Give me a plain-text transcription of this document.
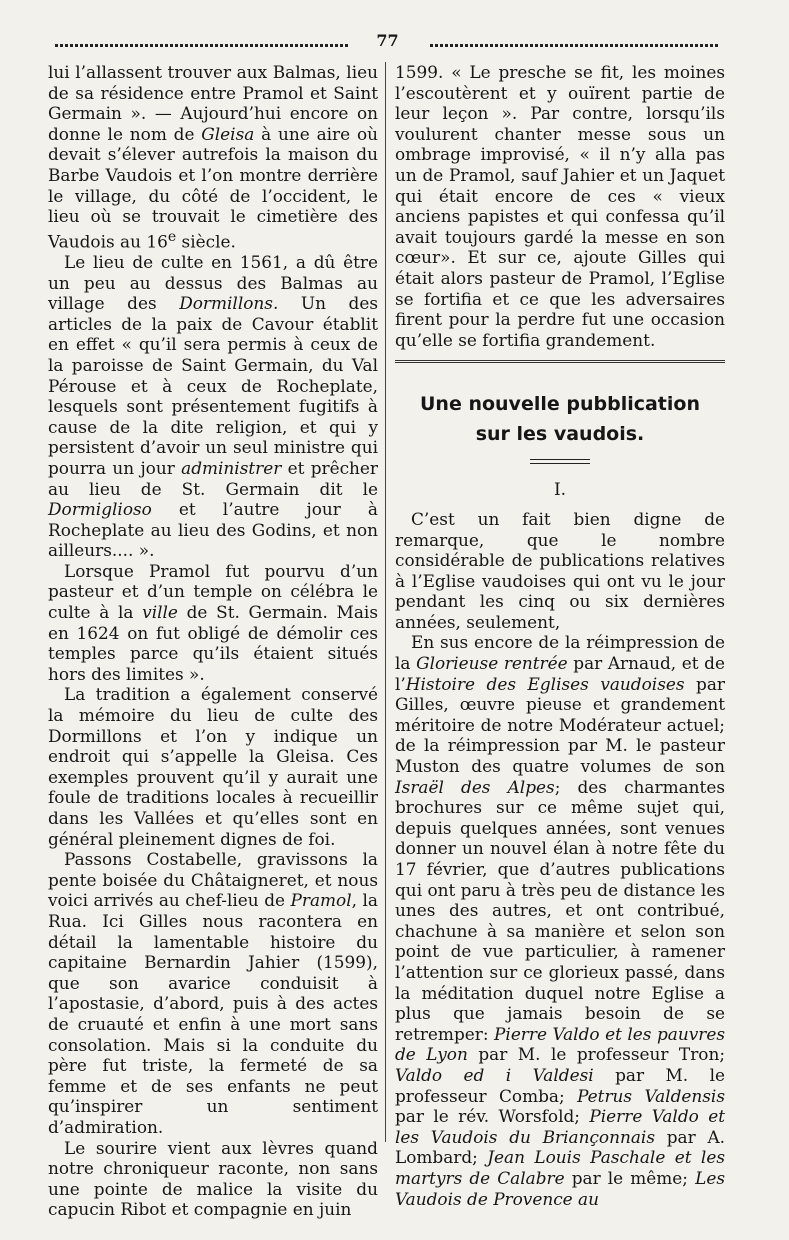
77

lui l’allassent trouver aux Balmas, lieu de sa résidence entre Pramol et Saint Germain ». — Aujourd’hui encore on donne le nom de Gleisa à une aire où devait s’élever autrefois la maison du Barbe Vaudois et l’on montre derrière le village, du côté de l’occident, le lieu où se trouvait le cimetière des Vaudois au 16e siècle.

Le lieu de culte en 1561, a dû être un peu au dessus des Balmas au village des Dormillons. Un des articles de la paix de Cavour établit en effet « qu’il sera permis à ceux de la paroisse de Saint Germain, du Val Pérouse et à ceux de Rocheplate, lesquels sont présentement fugitifs à cause de la dite religion, et qui y persistent d’avoir un seul ministre qui pourra un jour administrer et prêcher au lieu de St. Germain dit le Dormiglioso et l’autre jour à Rocheplate au lieu des Godins, et non ailleurs.... ».

Lorsque Pramol fut pourvu d’un pasteur et d’un temple on célébra le culte à la ville de St. Germain. Mais en 1624 on fut obligé de démolir ces temples parce qu’ils étaient situés hors des limites ».

La tradition a également conservé la mémoire du lieu de culte des Dormillons et l’on y indique un endroit qui s’appelle la Gleisa. Ces exemples prouvent qu’il y aurait une foule de traditions locales à recueillir dans les Vallées et qu’elles sont en général pleinement dignes de foi.

Passons Costabelle, gravissons la pente boisée du Châtaigneret, et nous voici arrivés au chef-lieu de Pramol, la Rua. Ici Gilles nous racontera en détail la lamentable histoire du capitaine Bernardin Jahier (1599), que son avarice conduisit à l’apostasie, d’abord, puis à des actes de cruauté et enfin à une mort sans consolation. Mais si la conduite du père fut triste, la fermeté de sa femme et de ses enfants ne peut qu’inspirer un sentiment d’admiration.

Le sourire vient aux lèvres quand notre chroniqueur raconte, non sans une pointe de malice la visite du capucin Ribot et compagnie en juin

1599. « Le presche se fit, les moines l’escoutèrent et y ouïrent partie de leur leçon ». Par contre, lorsqu’ils voulurent chanter messe sous un ombrage improvisé, « il n’y alla pas un de Pramol, sauf Jahier et un Jaquet qui était encore de ces « vieux anciens papistes et qui confessa qu’il avait toujours gardé la messe en son cœur». Et sur ce, ajoute Gilles qui était alors pasteur de Pramol, l’Eglise se fortifia et ce que les adversaires firent pour la perdre fut une occasion qu’elle se fortifia grandement.

Une nouvelle pubblication
sur les vaudois.
I.

C’est un fait bien digne de remarque, que le nombre considérable de publications relatives à l’Eglise vaudoises qui ont vu le jour pendant les cinq ou six dernières années, seulement,

En sus encore de la réimpression de la Glorieuse rentrée par Arnaud, et de l’Histoire des Eglises vaudoises par Gilles, œuvre pieuse et grandement méritoire de notre Modérateur actuel; de la réimpression par M. le pasteur Muston des quatre volumes de son Israël des Alpes; des charmantes brochures sur ce même sujet qui, depuis quelques années, sont venues donner un nouvel élan à notre fête du 17 février, que d’autres publications qui ont paru à très peu de distance les unes des autres, et ont contribué, chachune à sa manière et selon son point de vue particulier, à ramener l’attention sur ce glorieux passé, dans la méditation duquel notre Eglise a plus que jamais besoin de se retremper: Pierre Valdo et les pauvres de Lyon par M. le professeur Tron; Valdo ed i Valdesi par M. le professeur Comba; Petrus Valdensis par le rév. Worsfold; Pierre Valdo et les Vaudois du Briançonnais par A. Lombard; Jean Louis Paschale et les martyrs de Calabre par le même; Les Vaudois de Provence au
